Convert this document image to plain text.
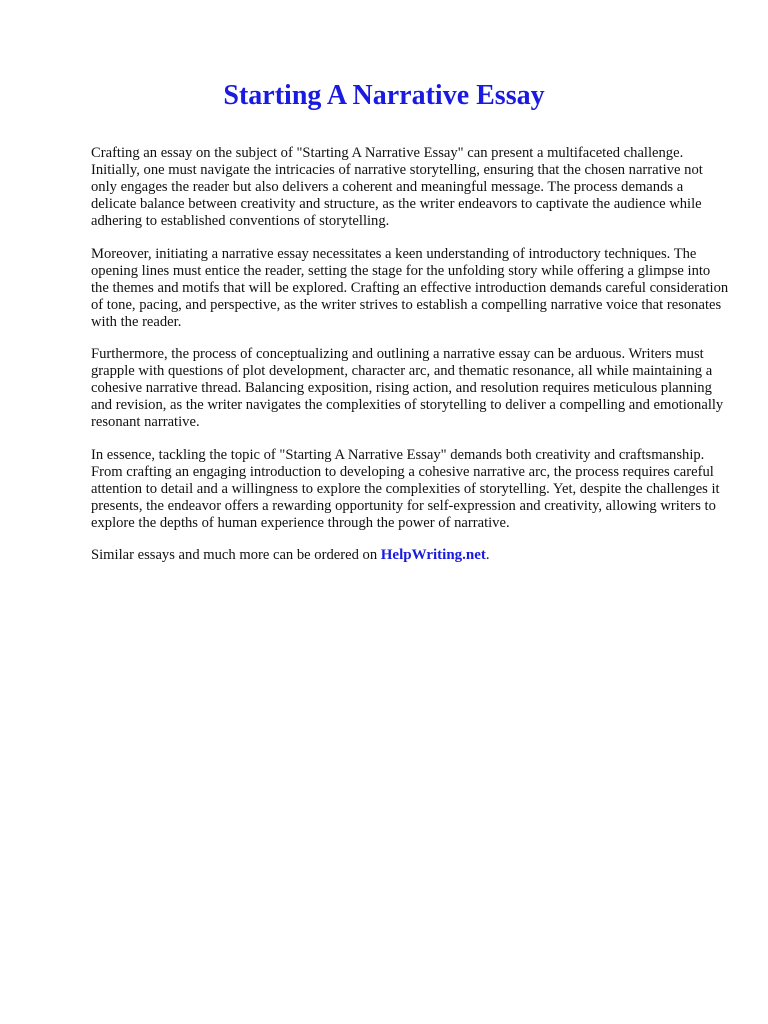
Starting A Narrative Essay

Crafting an essay on the subject of "Starting A Narrative Essay" can present a multifaceted challenge. Initially, one must navigate the intricacies of narrative storytelling, ensuring that the chosen narrative not only engages the reader but also delivers a coherent and meaningful message. The process demands a delicate balance between creativity and structure, as the writer endeavors to captivate the audience while adhering to established conventions of storytelling.

Moreover, initiating a narrative essay necessitates a keen understanding of introductory techniques. The opening lines must entice the reader, setting the stage for the unfolding story while offering a glimpse into the themes and motifs that will be explored. Crafting an effective introduction demands careful consideration of tone, pacing, and perspective, as the writer strives to establish a compelling narrative voice that resonates with the reader.

Furthermore, the process of conceptualizing and outlining a narrative essay can be arduous. Writers must grapple with questions of plot development, character arc, and thematic resonance, all while maintaining a cohesive narrative thread. Balancing exposition, rising action, and resolution requires meticulous planning and revision, as the writer navigates the complexities of storytelling to deliver a compelling and emotionally resonant narrative.

In essence, tackling the topic of "Starting A Narrative Essay" demands both creativity and craftsmanship. From crafting an engaging introduction to developing a cohesive narrative arc, the process requires careful attention to detail and a willingness to explore the complexities of storytelling. Yet, despite the challenges it presents, the endeavor offers a rewarding opportunity for self-expression and creativity, allowing writers to explore the depths of human experience through the power of narrative.

Similar essays and much more can be ordered on HelpWriting.net.
